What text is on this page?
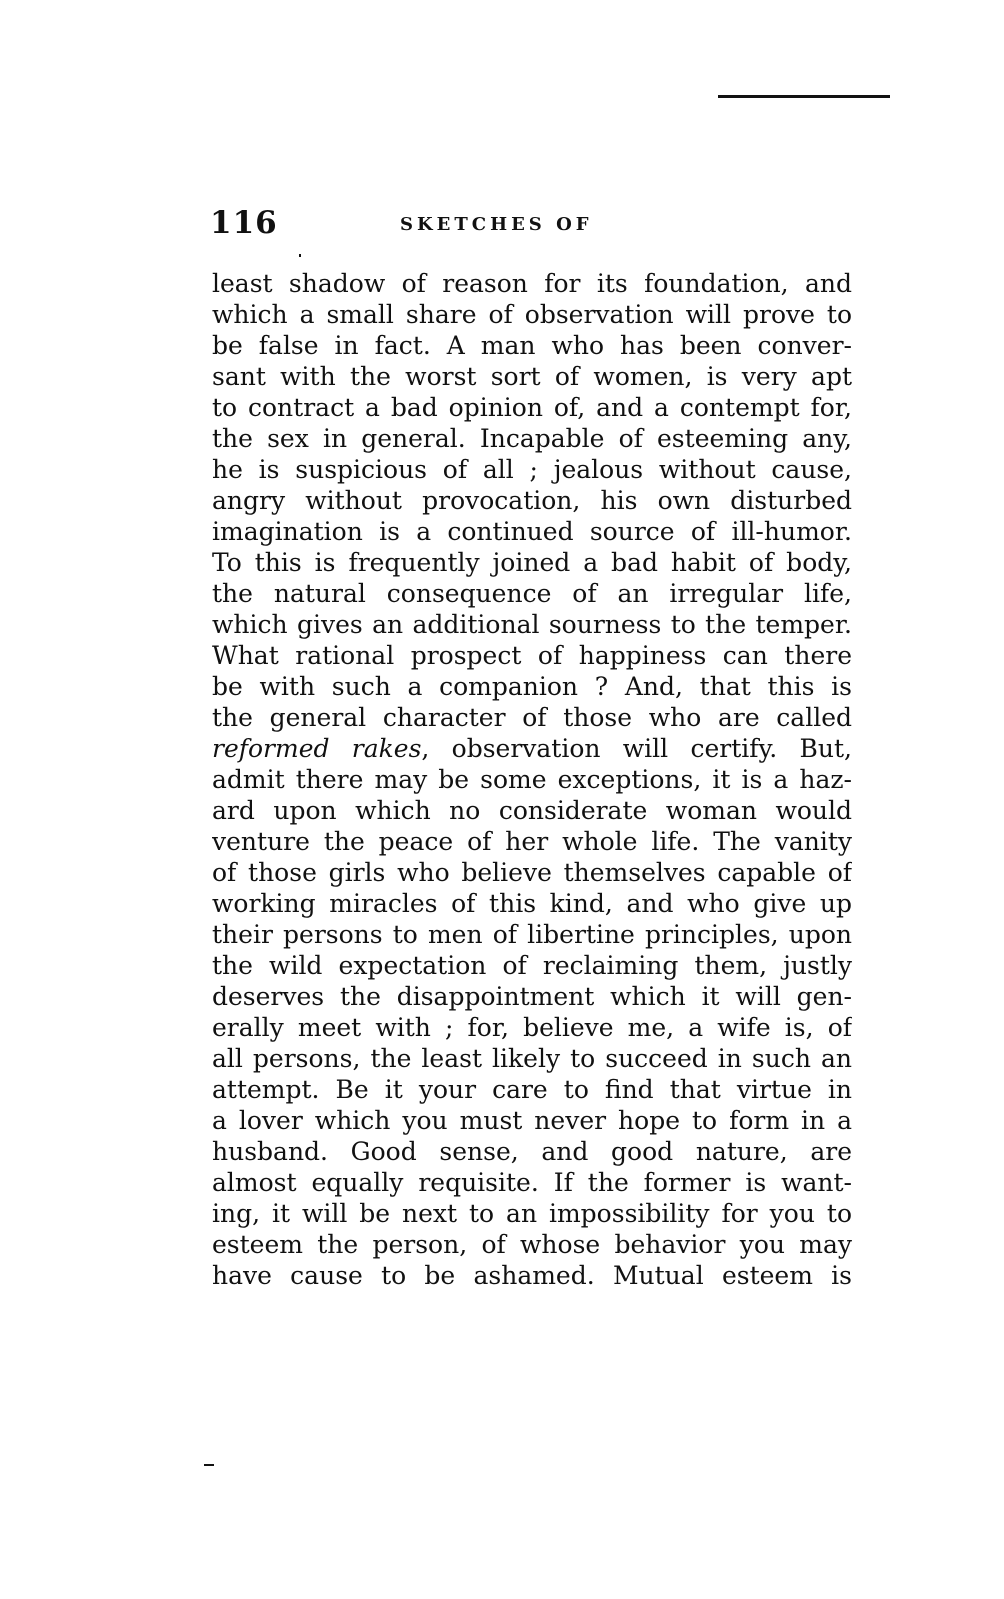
116	SKETCHES OF
least shadow of reason for its foundation, and
which a small share of observation will prove to
be false in fact. A man who has been conver-
sant with the worst sort of women, is very apt
to contract a bad opinion of, and a contempt for,
the sex in general. Incapable of esteeming any,
he is suspicious of all ; jealous without cause,
angry without provocation, his own disturbed
imagination is a continued source of ill-humor.
To this is frequently joined a bad habit of body,
the natural consequence of an irregular life,
which gives an additional sourness to the temper.
What rational prospect of happiness can there
be with such a companion ? And, that this is
the general character of those who are called
reformed rakes, observation will certify. But,
admit there may be some exceptions, it is a haz-
ard upon which no considerate woman would
venture the peace of her whole life. The vanity
of those girls who believe themselves capable of
working miracles of this kind, and who give up
their persons to men of libertine principles, upon
the wild expectation of reclaiming them, justly
deserves the disappointment which it will gen-
erally meet with ; for, believe me, a wife is, of
all persons, the least likely to succeed in such an
attempt. Be it your care to find that virtue in
a lover which you must never hope to form in a
husband. Good sense, and good nature, are
almost equally requisite. If the former is want-
ing, it will be next to an impossibility for you to
esteem the person, of whose behavior you may
have cause to be ashamed. Mutual esteem is
